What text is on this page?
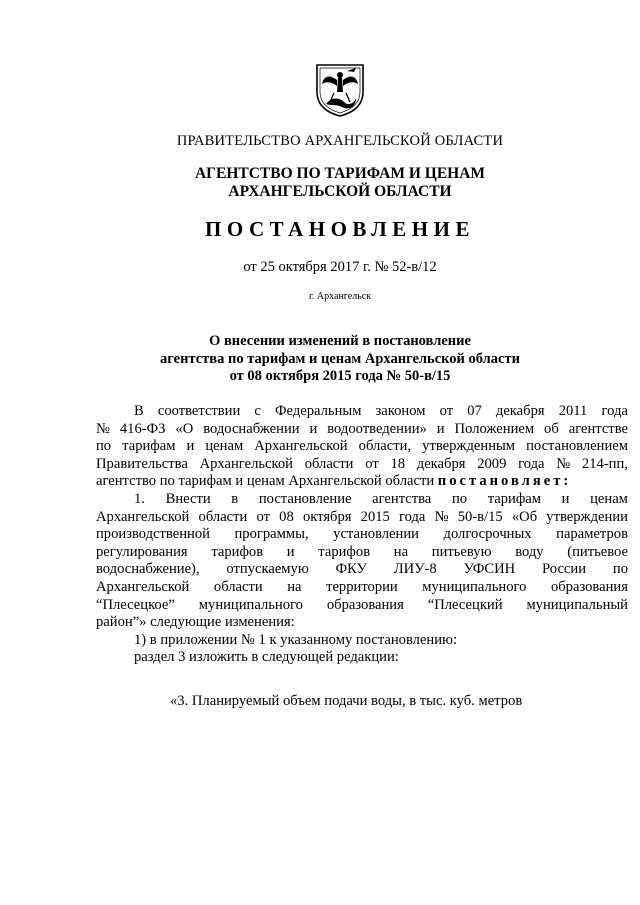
ПРАВИТЕЛЬСТВО АРХАНГЕЛЬСКОЙ ОБЛАСТИ
АГЕНТСТВО ПО ТАРИФАМ И ЦЕНАМ
АРХАНГЕЛЬСКОЙ ОБЛАСТИ
ПОСТАНОВЛЕНИЕ
от 25 октября 2017 г. № 52-в/12
г. Архангельск
О внесении изменений в постановление
агентства по тарифам и ценам Архангельской области
от 08 октября 2015 года № 50-в/15
В соответствии с Федеральным законом от 07 декабря 2011 года
№ 416-ФЗ «О водоснабжении и водоотведении» и Положением об агентстве
по тарифам и ценам Архангельской области, утвержденным постановлением
Правительства Архангельской области от 18 декабря 2009 года № 214-пп,
агентство по тарифам и ценам Архангельской области
постановляет:
1. Внести в постановление агентства по тарифам и ценам
Архангельской области от 08 октября 2015 года № 50-в/15 «Об утверждении
производственной программы, установлении долгосрочных параметров
регулирования тарифов и тарифов на питьевую воду (питьевое
водоснабжение), отпускаемую ФКУ ЛИУ-8 УФСИН России по
Архангельской области на территории муниципального образования
“Плесецкое” муниципального образования “Плесецкий муниципальный
район”» следующие изменения:
1) в приложении № 1 к указанному постановлению:
раздел 3 изложить в следующей редакции:
«3. Планируемый объем подачи воды, в тыс. куб. метров
